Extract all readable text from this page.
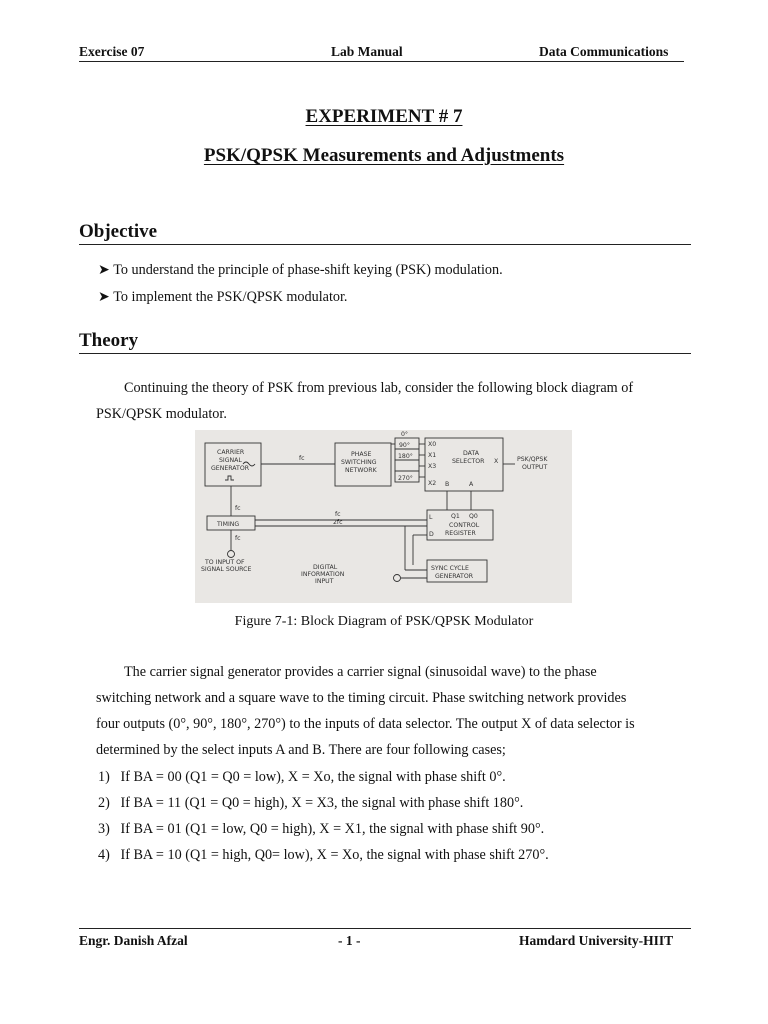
Exercise 07	Lab Manual	Data Communications
EXPERIMENT # 7
PSK/QPSK Measurements and Adjustments
Objective
➤ To understand the principle of phase-shift keying (PSK) modulation.
➤ To implement the PSK/QPSK modulator.
Theory
Continuing the theory of PSK from previous lab, consider the following block diagram of
PSK/QPSK modulator.
CARRIER
SIGNAL
GENERATOR
fc
PHASE
SWITCHING
NETWORK
0°
90°
180°
270°
X0
X1
X3
X2
DATA
SELECTOR X	PSK/QPSK
OUTPUT
B	A
TIMING
fc
fc
fc
2fc
L	Q1 Q0
CONTROL
REGISTER
D
SYNC CYCLE
GENERATOR
TO INPUT OF
SIGNAL SOURCE	DIGITAL
INFORMATION
INPUT
Figure 7-1: Block Diagram of PSK/QPSK Modulator
The carrier signal generator provides a carrier signal (sinusoidal wave) to the phase
switching network and a square wave to the timing circuit. Phase switching network provides
four outputs (0°, 90°, 180°, 270°) to the inputs of data selector. The output X of data selector is
determined by the select inputs A and B. There are four following cases;
1) If BA = 00 (Q1 = Q0 = low), X = Xo, the signal with phase shift 0°.
2) If BA = 11 (Q1 = Q0 = high), X = X3, the signal with phase shift 180°.
3) If BA = 01 (Q1 = low, Q0 = high), X = X1, the signal with phase shift 90°.
4) If BA = 10 (Q1 = high, Q0= low), X = Xo, the signal with phase shift 270°.
Engr. Danish Afzal	- 1 -	Hamdard University-HIIT
